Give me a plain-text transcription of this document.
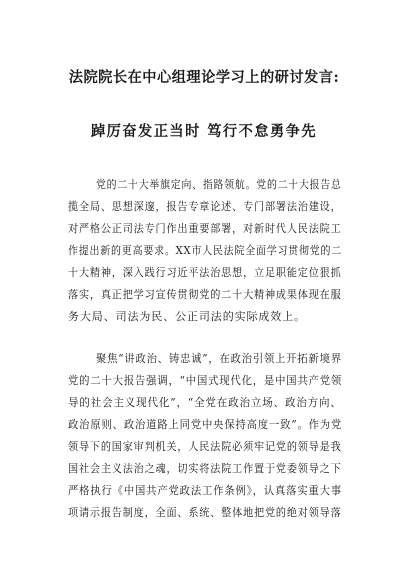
法院院长在中心组理论学习上的研讨发言:
踔厉奋发正当时 笃行不怠勇争先
党的二十大举旗定向、指路领航。党的二十大报告总
揽全局、思想深邃，报告专章论述、专门部署法治建设，
对严格公正司法专门作出重要部署，对新时代人民法院工
作提出新的更高要求。XX市人民法院全面学习贯彻党的二
十大精神，深入践行习近平法治思想，立足职能定位狠抓
落实，真正把学习宣传贯彻党的二十大精神成果体现在服
务大局、司法为民、公正司法的实际成效上。
聚焦“讲政治、铸忠诚”，在政治引领上开拓新境界
党的二十大报告强调，“中国式现代化，是中国共产党领
导的社会主义现代化”，“全党在政治立场、政治方向、
政治原则、政治道路上同党中央保持高度一致”。作为党
领导下的国家审判机关，人民法院必须牢记党的领导是我
国社会主义法治之魂，切实将法院工作置于党委领导之下
严格执行《中国共产党政法工作条例》，认真落实重大事
项请示报告制度，全面、系统、整体地把党的绝对领导落
